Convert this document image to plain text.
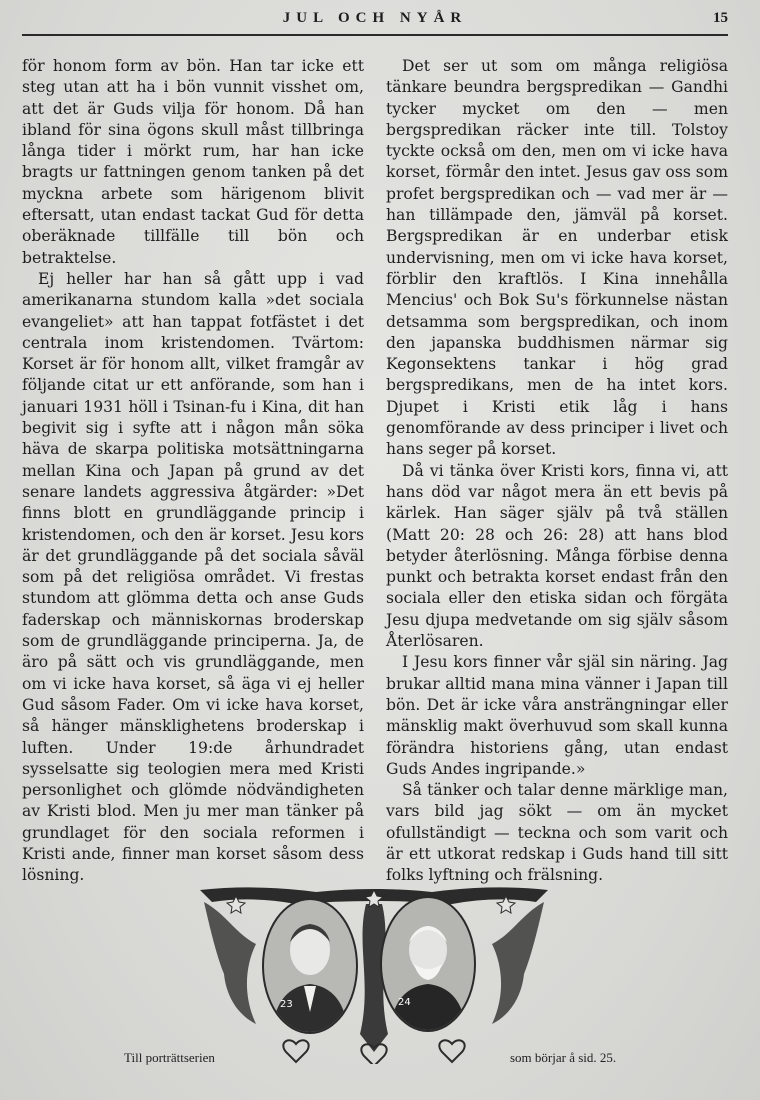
JUL OCH NYÅR	15

för honom form av bön. Han tar icke ett steg utan att ha i bön vunnit visshet om, att det är Guds vilja för honom. Då han ibland för sina ögons skull måst tillbringa långa tider i mörkt rum, har han icke bragts ur fattningen genom tanken på det myckna arbete som härigenom blivit eftersatt, utan endast tackat Gud för detta oberäknade tillfälle till bön och betraktelse.

Ej heller har han så gått upp i vad amerikanarna stundom kalla »det sociala evangeliet» att han tappat fotfästet i det centrala inom kristendomen. Tvärtom: Korset är för honom allt, vilket framgår av följande citat ur ett anförande, som han i januari 1931 höll i Tsinan-fu i Kina, dit han begivit sig i syfte att i någon mån söka häva de skarpa politiska motsättningarna mellan Kina och Japan på grund av det senare landets aggressiva åtgärder: »Det finns blott en grundläggande princip i kristendomen, och den är korset. Jesu kors är det grundläggande på det sociala såväl som på det religiösa området. Vi frestas stundom att glömma detta och anse Guds faderskap och människornas broderskap som de grundläggande principerna. Ja, de äro på sätt och vis grundläggande, men om vi icke hava korset, så äga vi ej heller Gud såsom Fader. Om vi icke hava korset, så hänger mänsklighetens broderskap i luften. Under 19:de århundradet sysselsatte sig teologien mera med Kristi personlighet och glömde nödvändigheten av Kristi blod. Men ju mer man tänker på grundlaget för den sociala reformen i Kristi ande, finner man korset såsom dess lösning.

Det ser ut som om många religiösa tänkare beundra bergspredikan — Gandhi tycker mycket om den — men bergspredikan räcker inte till. Tolstoy tyckte också om den, men om vi icke hava korset, förmår den intet. Jesus gav oss som profet bergspredikan och — vad mer är — han tillämpade den, jämväl på korset. Bergspredikan är en underbar etisk undervisning, men om vi icke hava korset, förblir den kraftlös. I Kina innehålla Mencius' och Bok Su's förkunnelse nästan detsamma som bergspredikan, och inom den japanska buddhismen närmar sig Kegonsektens tankar i hög grad bergspredikans, men de ha intet kors. Djupet i Kristi etik låg i hans genomförande av dess principer i livet och hans seger på korset.

Då vi tänka över Kristi kors, finna vi, att hans död var något mera än ett bevis på kärlek. Han säger själv på två ställen (Matt 20: 28 och 26: 28) att hans blod betyder återlösning. Många förbise denna punkt och betrakta korset endast från den sociala eller den etiska sidan och förgäta Jesu djupa medvetande om sig själv såsom Återlösaren.

I Jesu kors finner vår själ sin näring. Jag brukar alltid mana mina vänner i Japan till bön. Det är icke våra ansträngningar eller mänsklig makt överhuvud som skall kunna förändra historiens gång, utan endast Guds Andes ingripande.»

Så tänker och talar denne märklige man, vars bild jag sökt — om än mycket ofullständigt — teckna och som varit och är ett utkorat redskap i Guds hand till sitt folks lyftning och frälsning.

23	24
Till porträttserien	som börjar å sid. 25.
